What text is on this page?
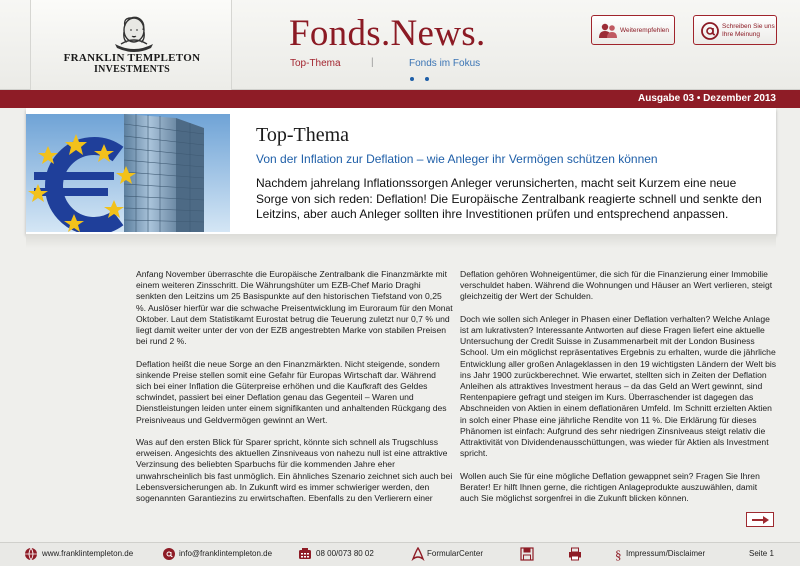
FRANKLIN TEMPLETON
INVESTMENTS
Fonds.News.
Top-Thema	|	Fonds im Fokus
Weiterempfehlen
Schreiben Sie uns Ihre Meinung
Ausgabe 03 • Dezember 2013
Top-Thema
Von der Inflation zur Deflation – wie Anleger ihr Vermögen schützen können
Nachdem jahrelang Inflationssorgen Anleger verunsicherten, macht seit Kurzem eine neue Sorge von sich reden: Deflation! Die Europäische Zentralbank reagierte schnell und senkte den Leitzins, aber auch Anleger sollten ihre Investitionen prüfen und entsprechend anpassen.

Anfang November überraschte die Europäische Zentralbank die Finanzmärkte mit einem weiteren Zinsschritt. Die Währungshüter um EZB-Chef Mario Draghi senkten den Leitzins um 25 Basispunkte auf den historischen Tiefstand von 0,25 %. Auslöser hierfür war die schwache Preisentwicklung im Euroraum für den Monat Oktober. Laut dem Statistikamt Eurostat betrug die Teuerung zuletzt nur 0,7 % und liegt damit weiter unter der von der EZB angestrebten Marke von stabilen Preisen bei rund 2 %.

Deflation heißt die neue Sorge an den Finanzmärkten. Nicht steigende, sondern sinkende Preise stellen somit eine Gefahr für Europas Wirtschaft dar. Während sich bei einer Inflation die Güterpreise erhöhen und die Kaufkraft des Geldes schwindet, passiert bei einer Deflation genau das Gegenteil – Waren und Dienstleistungen leiden unter einem signifikanten und anhaltenden Rückgang des Preisniveaus und Geldvermögen gewinnt an Wert.

Was auf den ersten Blick für Sparer spricht, könnte sich schnell als Trugschluss erweisen. Angesichts des aktuellen Zinsniveaus von nahezu null ist eine attraktive Verzinsung des beliebten Sparbuchs für die kommenden Jahre eher unwahrscheinlich bis fast unmöglich. Ein ähnliches Szenario zeichnet sich auch bei Lebensversicherungen ab. In Zukunft wird es immer schwieriger werden, den sogenannten Garantiezins zu erwirtschaften. Ebenfalls zu den Verlierern einer

Deflation gehören Wohneigentümer, die sich für die Finanzierung einer Immobilie verschuldet haben. Während die Wohnungen und Häuser an Wert verlieren, steigt gleichzeitig der Wert der Schulden.

Doch wie sollen sich Anleger in Phasen einer Deflation verhalten? Welche Anlage ist am lukrativsten? Interessante Antworten auf diese Fragen liefert eine aktuelle Untersuchung der Credit Suisse in Zusammenarbeit mit der London Business School. Um ein möglichst repräsentatives Ergebnis zu erhalten, wurde die jährliche Entwicklung aller großen Anlageklassen in den 19 wichtigsten Ländern der Welt bis ins Jahr 1900 zurückberechnet. Wie erwartet, stellten sich in Zeiten der Deflation Anleihen als attraktives Investment heraus – da das Geld an Wert gewinnt, sind Rentenpapiere gefragt und steigen im Kurs. Überraschender ist dagegen das Abschneiden von Aktien in einem deflationären Umfeld. Im Schnitt erzielten Aktien in solch einer Phase eine jährliche Rendite von 11 %. Die Erklärung für dieses Phänomen ist einfach: Aufgrund des sehr niedrigen Zinsniveaus steigt relativ die Attraktivität von Dividendenausschüttungen, was wieder für Aktien als Investment spricht.

Wollen auch Sie für eine mögliche Deflation gewappnet sein? Fragen Sie Ihren Berater! Er hilft Ihnen gerne, die richtigen Anlageprodukte auszuwählen, damit auch Sie möglichst sorgenfrei in die Zukunft blicken können.

www.franklintempleton.de	info@franklintempleton.de	08 00/073 80 02	FormularCenter	§ Impressum/Disclaimer	Seite 1
